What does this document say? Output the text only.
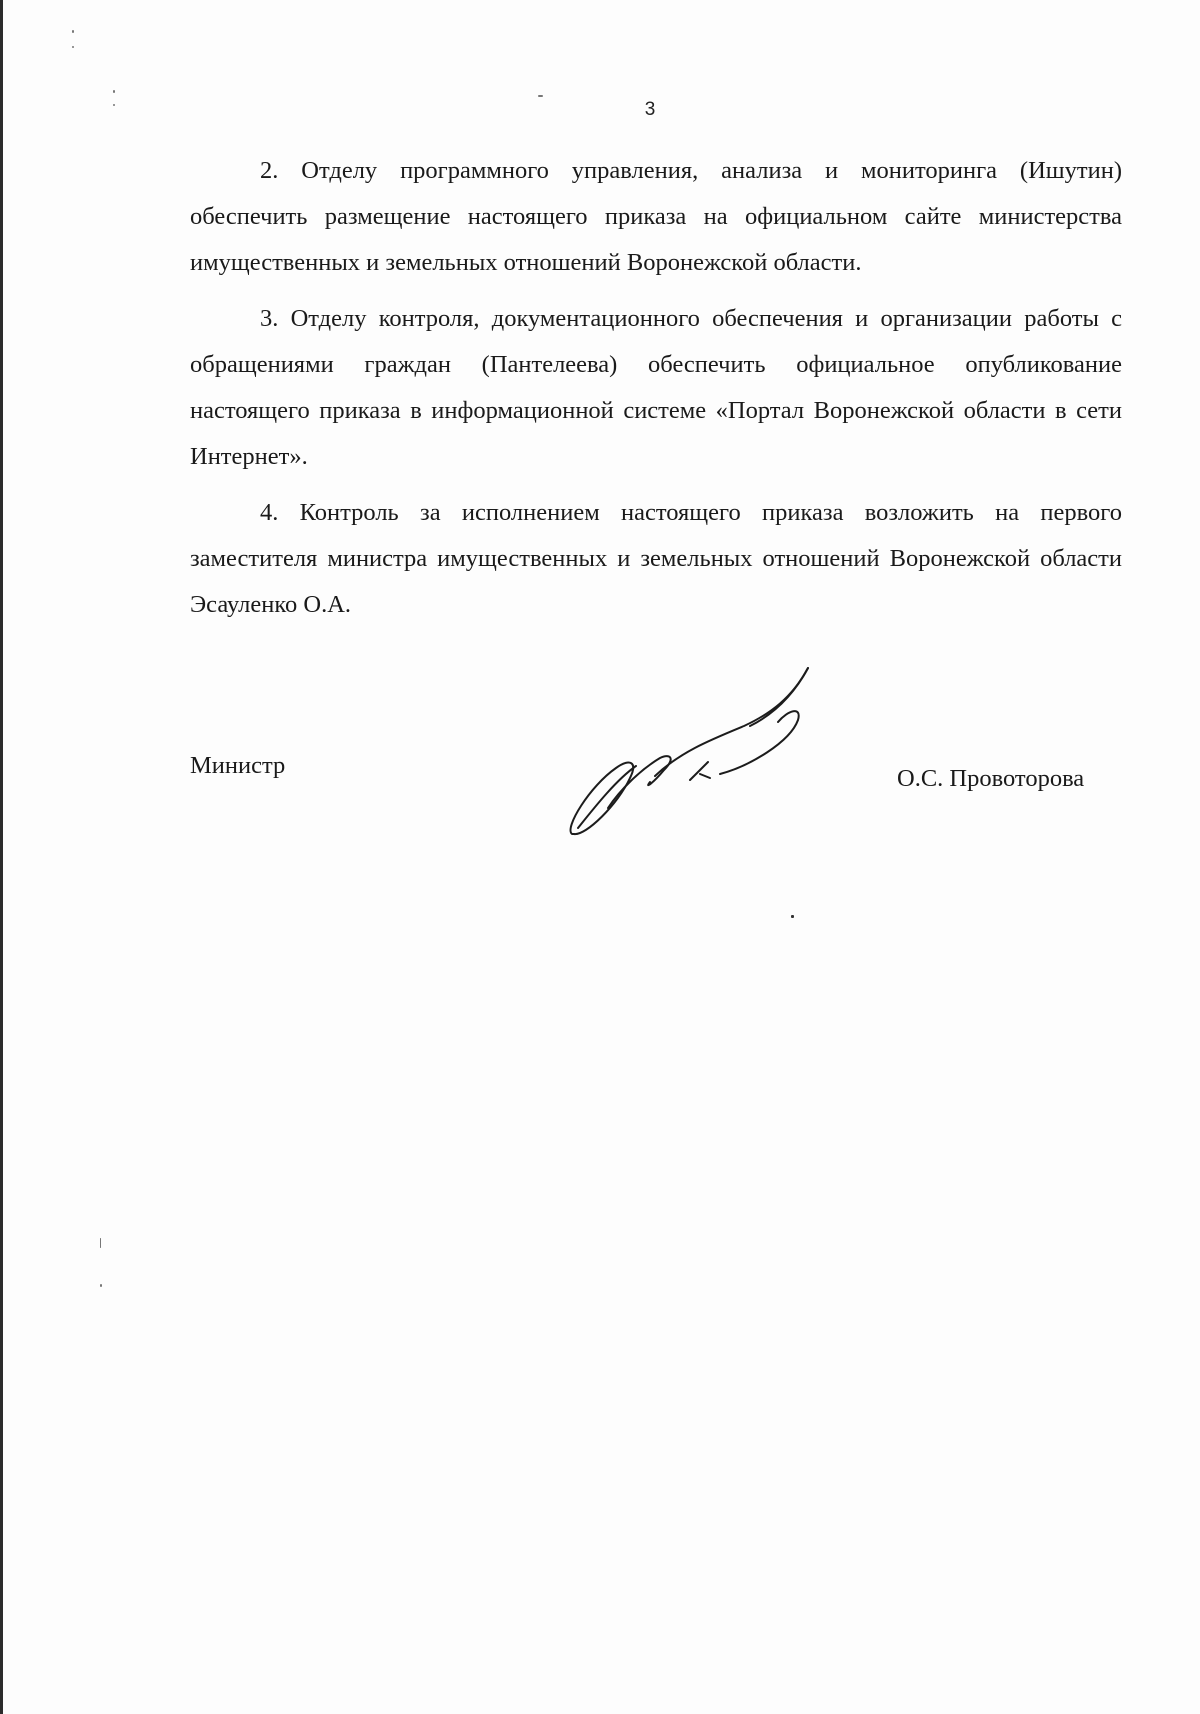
3

2. Отделу программного управления, анализа и мониторинга (Ишутин) обеспечить размещение настоящего приказа на официальном сайте министерства имущественных и земельных отношений Воронежской области.

3. Отделу контроля, документационного обеспечения и организации работы с обращениями граждан (Пантелеева) обеспечить официальное опубликование настоящего приказа в информационной системе «Портал Воронежской области в сети Интернет».

4. Контроль за исполнением настоящего приказа возложить на первого заместителя министра имущественных и земельных отношений Воронежской области Эсауленко О.А.

Министр	О.С. Провоторова
